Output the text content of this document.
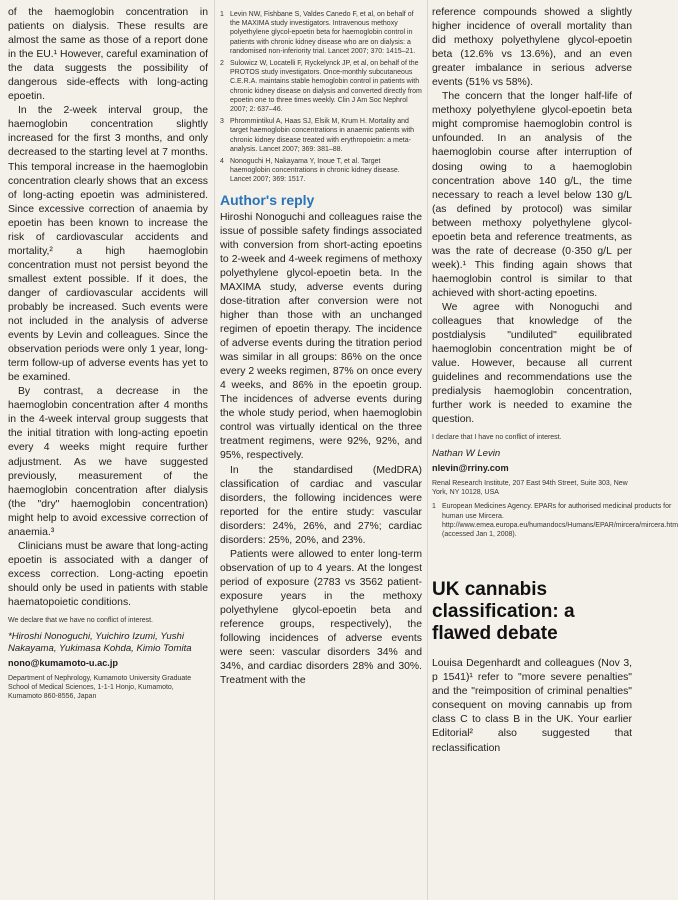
of the haemoglobin concentration in patients on dialysis. These results are almost the same as those of a report done in the EU.¹ However, careful examination of the data suggests the possibility of dangerous side-effects with long-acting epoetin.

In the 2-week interval group, the haemoglobin concentration slightly increased for the first 3 months, and only decreased to the starting level at 7 months. This temporal increase in the haemoglobin concentration clearly shows that an excess of long-acting epoetin was administered. Since excessive correction of anaemia by epoetin has been known to increase the risk of cardiovascular accidents and mortality,² a high haemoglobin concentration must not persist beyond the smallest extent possible. If it does, the danger of cardiovascular accidents will probably be increased. Such events were not included in the analysis of adverse events by Levin and colleagues. Since the observation periods were only 1 year, long-term follow-up of adverse events has yet to be examined.

By contrast, a decrease in the haemoglobin concentration after 4 months in the 4-week interval group suggests that the initial titration with long-acting epoetin every 4 weeks might require further adjustment. As we have suggested previously, measurement of the haemoglobin concentration after dialysis (the "dry" haemoglobin concentration) might help to avoid excessive correction of anaemia.³

Clinicians must be aware that long-acting epoetin is associated with a danger of excess correction. Long-acting epoetin should only be used in patients with stable haematopoietic conditions.

We declare that we have no conflict of interest.
*Hiroshi Nonoguchi, Yuichiro Izumi, Yushi Nakayama, Yukimasa Kohda, Kimio Tomita
nono@kumamoto-u.ac.jp
Department of Nephrology, Kumamoto University Graduate School of Medical Sciences, 1-1-1 Honjo, Kumamoto, Kumamoto 860-8556, Japan
1 Levin NW, Fishbane S, Valdes Canedo F, et al, on behalf of the MAXIMA study investigators. Intravenous methoxy polyethylene glycol-epoetin beta for haemoglobin control in patients with chronic kidney disease who are on dialysis: a randomised non-inferiority trial. Lancet 2007; 370: 1415–21.
2 Sulowicz W, Locatelli F, Ryckelynck JP, et al, on behalf of the PROTOS study investigators. Once-monthly subcutaneous C.E.R.A. maintains stable hemoglobin control in patients with chronic kidney disease on dialysis and converted directly from epoetin one to three times weekly. Clin J Am Soc Nephrol 2007; 2: 637–46.
3 Phrommintikul A, Haas SJ, Elsik M, Krum H. Mortality and target haemoglobin concentrations in anaemic patients with chronic kidney disease treated with erythropoietin: a meta-analysis. Lancet 2007; 369: 381–88.
4 Nonoguchi H, Nakayama Y, Inoue T, et al. Target haemoglobin concentrations in chronic kidney disease. Lancet 2007; 369: 1517.
Author's reply

Hiroshi Nonoguchi and colleagues raise the issue of possible safety findings associated with conversion from short-acting epoetins to 2-week and 4-week regimens of methoxy polyethylene glycol-epoetin beta. In the MAXIMA study, adverse events during dose-titration after conversion were not higher than those with an unchanged regimen of epoetin therapy. The incidence of adverse events during the titration period was similar in all groups: 86% on the once every 2 weeks regimen, 87% on once every 4 weeks, and 86% in the epoetin group. The incidences of adverse events during the whole study period, when haemoglobin control was virtually identical on the three treatment regimens, were 92%, 92%, and 95%, respectively.

In the standardised (MedDRA) classification of cardiac and vascular disorders, the following incidences were reported for the entire study: vascular disorders: 24%, 26%, and 27%; cardiac disorders: 25%, 20%, and 23%.

Patients were allowed to enter long-term observation of up to 4 years. At the longest period of exposure (2783 vs 3562 patient-exposure years in the methoxy polyethylene glycol-epoetin beta and reference groups, respectively), the following incidences of adverse events were seen: vascular disorders 34% and 34%, and cardiac disorders 28% and 30%. Treatment with the

reference compounds showed a slightly higher incidence of overall mortality than did methoxy polyethylene glycol-epoetin beta (12.6% vs 13.6%), and an even greater imbalance in serious adverse events (51% vs 58%).

The concern that the longer half-life of methoxy polyethylene glycol-epoetin beta might compromise haemoglobin control is unfounded. In an analysis of the haemoglobin course after interruption of dosing owing to a haemoglobin concentration above 140 g/L, the time necessary to reach a level below 130 g/L (as defined by protocol) was similar between methoxy polyethylene glycol-epoetin beta and reference treatments, as was the rate of decrease (0·350 g/L per week).¹ This finding again shows that haemoglobin control is similar to that achieved with short-acting epoetins.

We agree with Nonoguchi and colleagues that knowledge of the postdialysis "undiluted" equilibrated haemoglobin concentration might be of value. However, because all current guidelines and recommendations use the predialysis haemoglobin concentration, further work is needed to examine the question.

I declare that I have no conflict of interest.
Nathan W Levin
nlevin@rriny.com
Renal Research Institute, 207 East 94th Street, Suite 303, New York, NY 10128, USA
1 European Medicines Agency. EPARs for authorised medicinal products for human use Mircera. http://www.emea.europa.eu/humandocs/Humans/EPAR/mircera/mircera.htm (accessed Jan 1, 2008).
UK cannabis classification: a flawed debate

Louisa Degenhardt and colleagues (Nov 3, p 1541)¹ refer to "more severe penalties" and the "reimposition of criminal penalties" consequent on moving cannabis up from class C to class B in the UK. Your earlier Editorial² also suggested that reclassification
